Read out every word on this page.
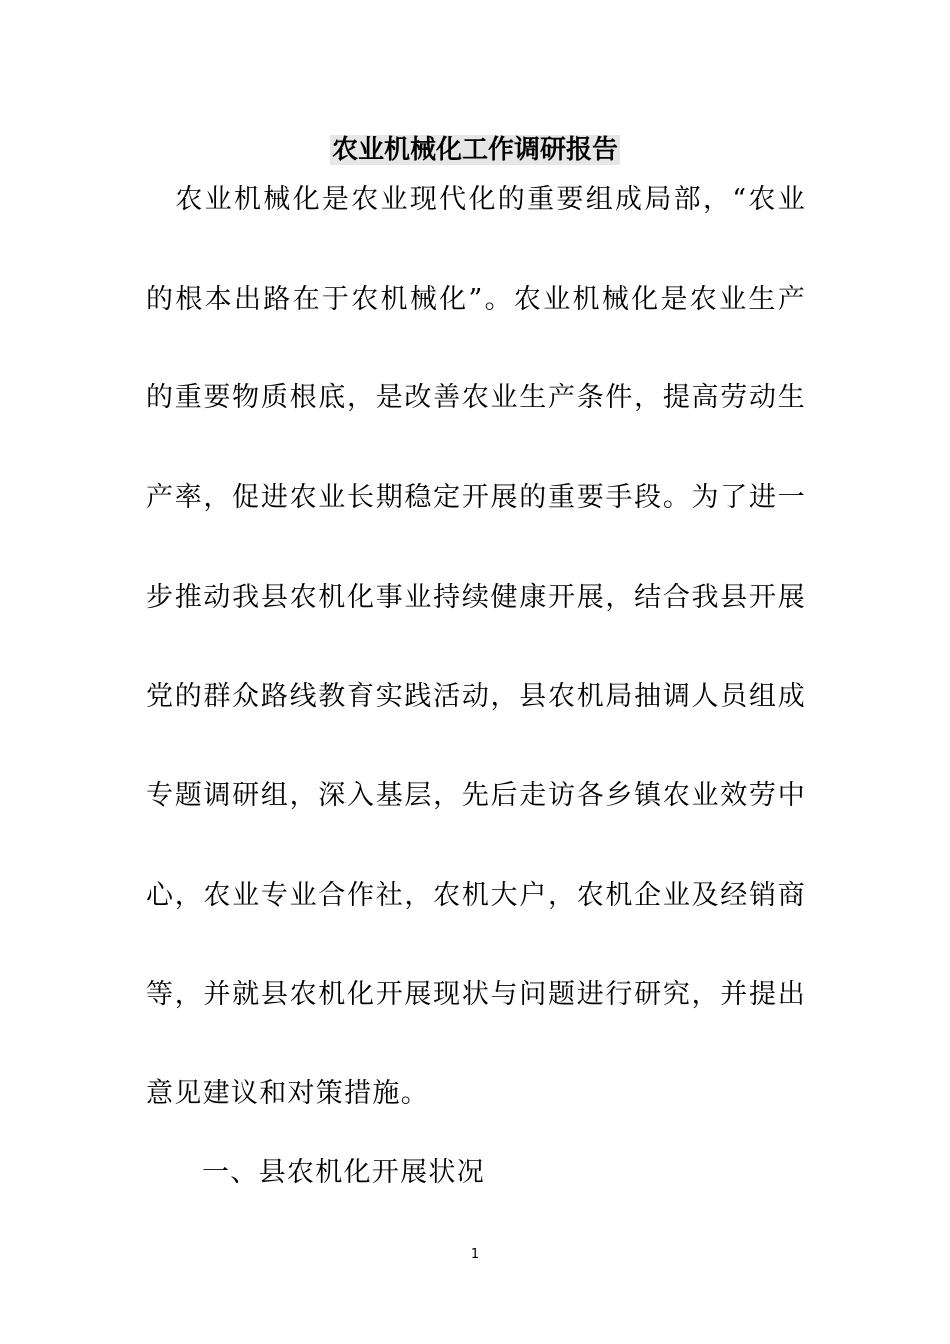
农业机械化工作调研报告
　农业机械化是农业现代化的重要组成局部，“农业
的根本出路在于农机械化”。农业机械化是农业生产
的重要物质根底，是改善农业生产条件，提高劳动生
产率，促进农业长期稳定开展的重要手段。为了进一
步推动我县农机化事业持续健康开展，结合我县开展
党的群众路线教育实践活动，县农机局抽调人员组成
专题调研组，深入基层，先后走访各乡镇农业效劳中
心，农业专业合作社，农机大户，农机企业及经销商
等，并就县农机化开展现状与问题进行研究，并提出
意见建议和对策措施。
一、县农机化开展状况
1
